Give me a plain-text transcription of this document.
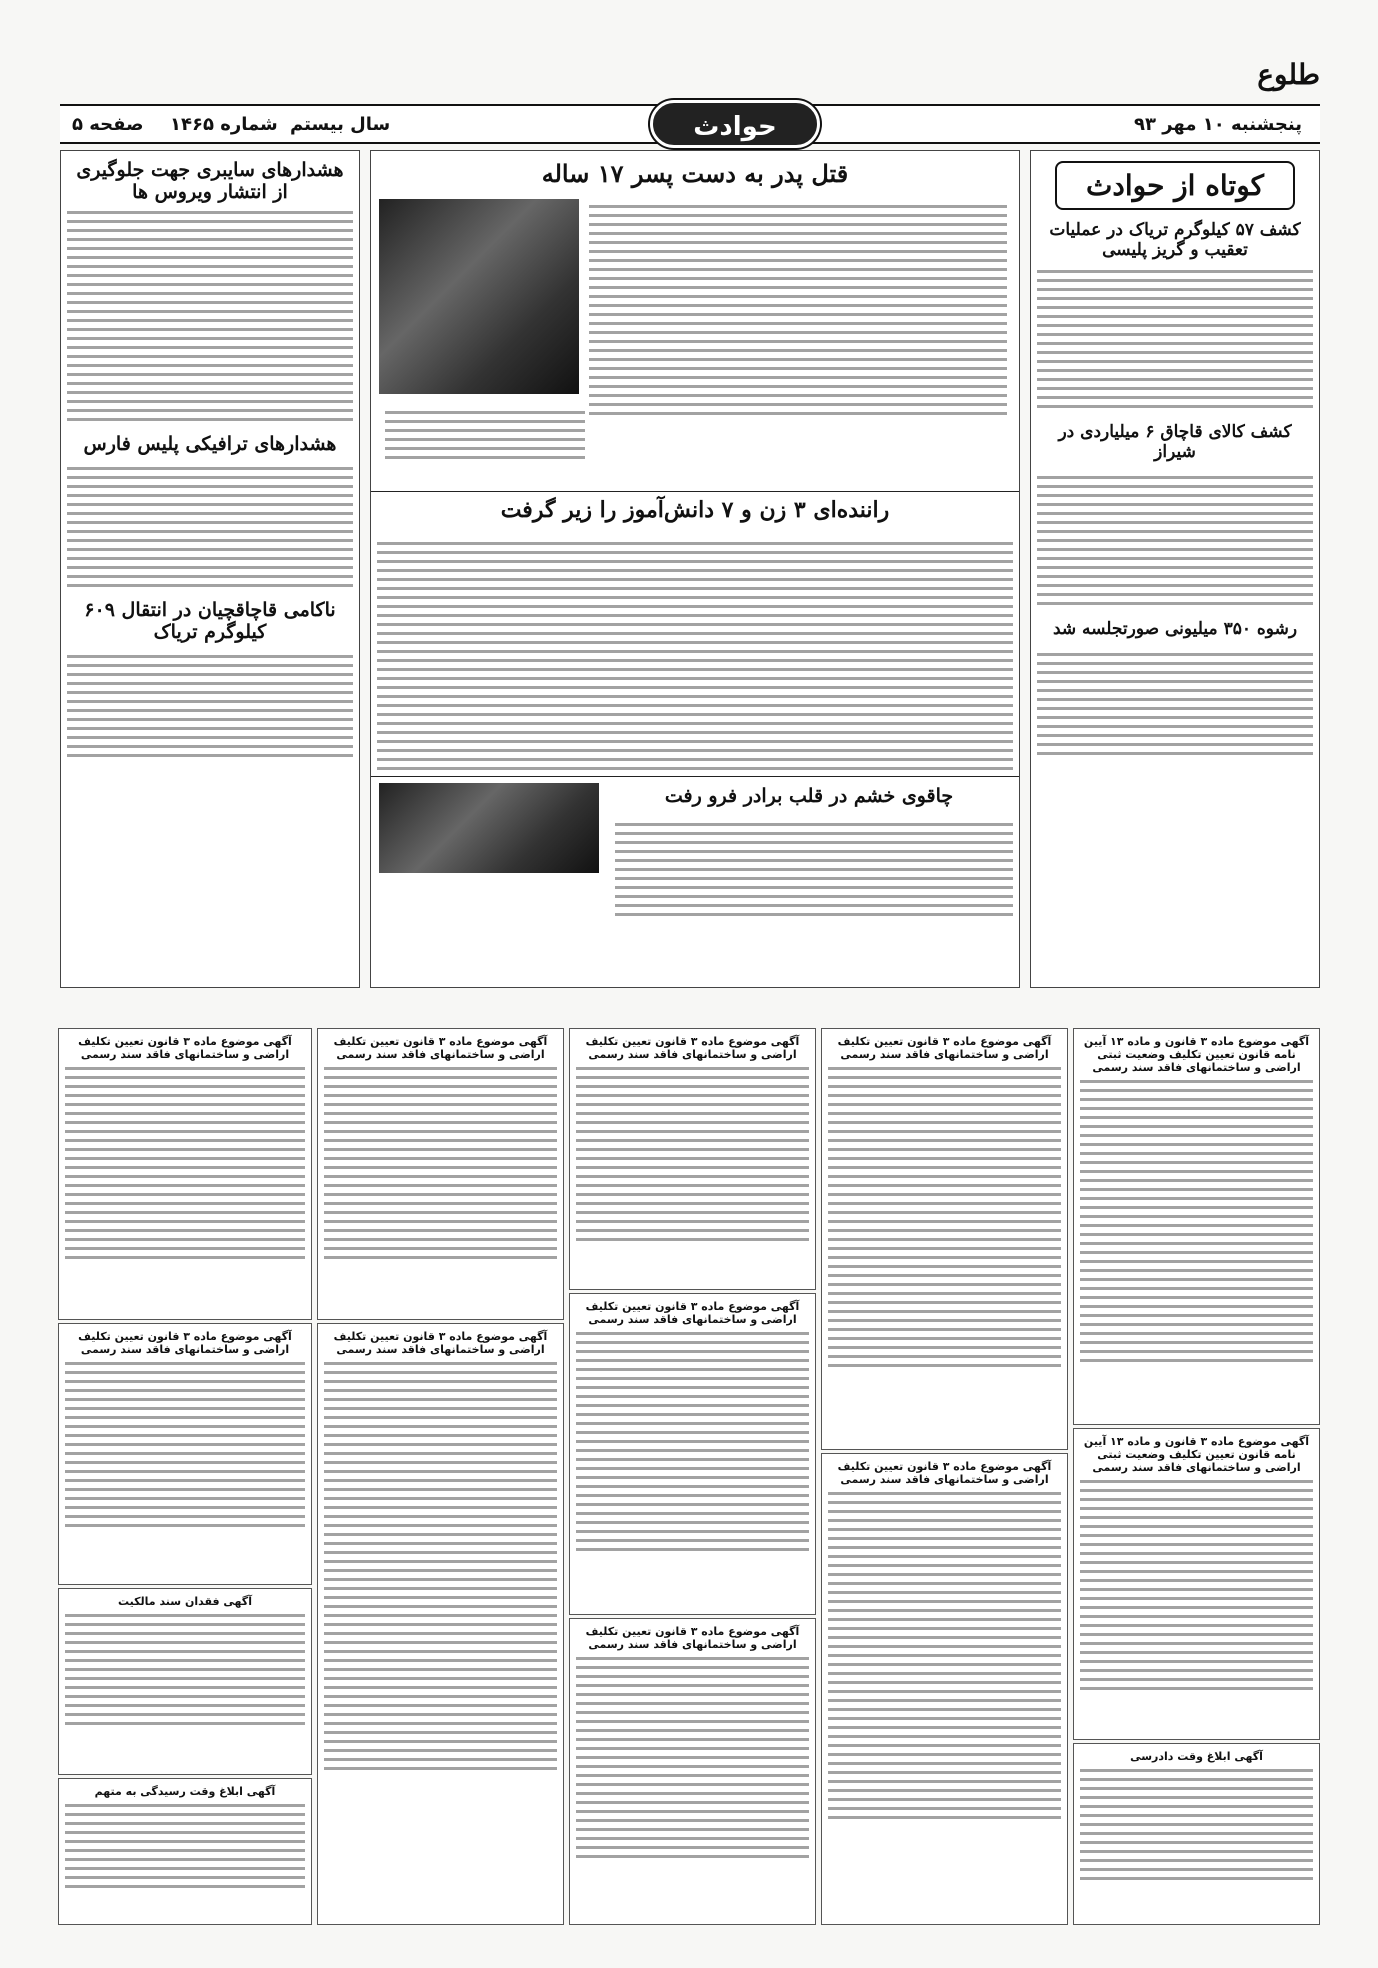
طلوع
پنجشنبه ۱۰ مهر ۹۳
حوادث
سال بیستم
شماره ۱۴۶۵
صفحه ۵
کوتاه از حوادث
کشف ۵۷ کیلوگرم تریاک در عملیات تعقیب و گریز پلیسی
کشف کالای قاچاق ۶ میلیاردی در شیراز
رشوه ۳۵۰ میلیونی صورتجلسه شد
قتل پدر به دست پسر ۱۷ ساله
راننده‌ای ۳ زن و ۷ دانش‌آموز را زیر گرفت
چاقوی خشم در قلب برادر فرو رفت
هشدارهای سایبری جهت جلوگیری از انتشار ویروس ها
هشدارهای ترافیکی پلیس فارس
ناکامی قاچاقچیان در انتقال ۶۰۹ کیلوگرم تریاک
آگهی موضوع ماده ۳ قانون و ماده ۱۳ آیین نامه قانون تعیین تکلیف وضعیت ثبتی اراضی و ساختمانهای فاقد سند رسمی
آگهی موضوع ماده ۳ قانون و ماده ۱۳ آیین نامه قانون تعیین تکلیف وضعیت ثبتی اراضی و ساختمانهای فاقد سند رسمی
آگهی ابلاغ وقت دادرسی
آگهی موضوع ماده ۳ قانون تعیین تکلیف اراضی و ساختمانهای فاقد سند رسمی
آگهی موضوع ماده ۳ قانون تعیین تکلیف اراضی و ساختمانهای فاقد سند رسمی
آگهی موضوع ماده ۳ قانون تعیین تکلیف اراضی و ساختمانهای فاقد سند رسمی
آگهی موضوع ماده ۳ قانون تعیین تکلیف اراضی و ساختمانهای فاقد سند رسمی
آگهی موضوع ماده ۳ قانون تعیین تکلیف اراضی و ساختمانهای فاقد سند رسمی
آگهی موضوع ماده ۳ قانون تعیین تکلیف اراضی و ساختمانهای فاقد سند رسمی
آگهی موضوع ماده ۳ قانون تعیین تکلیف اراضی و ساختمانهای فاقد سند رسمی
آگهی موضوع ماده ۳ قانون تعیین تکلیف اراضی و ساختمانهای فاقد سند رسمی
آگهی موضوع ماده ۳ قانون تعیین تکلیف اراضی و ساختمانهای فاقد سند رسمی
آگهی فقدان سند مالکیت
آگهی ابلاغ وقت رسیدگی به متهم
